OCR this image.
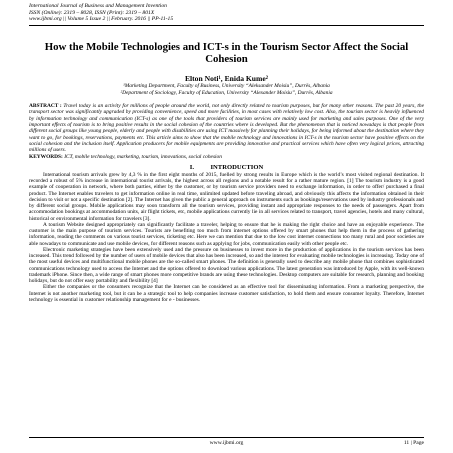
International Journal of Business and Management Invention
ISSN (Online): 2319 – 8028, ISSN (Print): 2319 – 801X
www.ijbmi.org || Volume 5 Issue 2 || February. 2016 || PP-11-15
How the Mobile Technologies and ICT-s in the Tourism Sector Affect the Social Cohesion
Elton Noti¹, Enida Kume²
¹Marketing Department, Faculty of Business, University “Aleksander Moisiu”, Durrës, Albania
²Department of Sociology, Faculty of Education, University “Alexander Moisiu”, Durrës, Albania
ABSTRACT : Travel today is an activity for millions of people around the world, not only directly related to tourism purposes, but for many other reasons. The past 20 years, the transport sector was significantly upgraded by providing convenience, speed and more facilities, in most cases with relatively low cost. Also, the tourism sector is heavily influenced by information technology and communication (ICT-s) as one of the tools that providers of tourism services are mainly used for marketing and sales purposes. One of the very important effects of tourism is to bring positive results in the social cohesion of the countries where is developed. But the phenomenon that is noticed nowadays is that people from different social groups like young people, elderly and people with disabilities are using ICT massively for planning their holidays, for being informed about the destination where they want to go, for bookings, reservations, payments etc. This article aims to show that the mobile technology and innovations in ICT-s in the tourism sector have positive effects on the social cohesion and the inclusion itself. Application producers for mobile equipments are providing innovative and practical services which have often very logical prices, attracting millions of users.
KEYWORDS: ICT, mobile technology, marketing, tourism, innovations, social cohesion
I.          INTRODUCTION

International tourism arrivals grew by 4,3 % in the first eight months of 2015, fuelled by strong results in Europe which is the world’s most visited regional destination. It recorded a robust of 5% increase in international tourist arrivals, the highest across all regions and a notable result for a rather mature region. [1] The tourism industry is a good example of cooperation in network, where both parties, either by the customer, or by tourism service providers need to exchange information, in order to offer/ purchased a final product. The Internet enables travelers to get information online in real time, unlimited updated before traveling abroad, and obviously this affects the information obtained in their decision to visit or not a specific destination [2]. The Internet has given the public a general approach on instruments such as bookings/reservations used by industry professionals and by different social groups. Mobile applications may soon transform all the tourism services, providing instant and appropriate responses to the needs of passengers. Apart from accommodation bookings at accommodation units, air flight tickets, etc, mobile applications currently lie in all services related to transport, travel agencies, hotels and many cultural, historical or environmental information for travelers [3].

A tourism Website designed appropriately can significantly facilitate a traveler, helping to ensure that he is making the right choice and have an enjoyable experience. The customer is the main purpose of tourism services. Tourists are benefiting too much from internet options offered by smart phones that help them in the process of gathering information, reading the comments on various tourist services, ticketing etc. Here we can mention that due to the low cost internet connections too many rural and poor societies are able nowadays to communicate and use mobile devices, for different reasons such as applying for jobs, communication easily with other people etc.

Electronic marketing strategies have been extensively used and the pressure on businesses to invest more in the production of applications in the tourism services has been increased. This trend followed by the number of users of mobile devices that also has been increased, so and the interest for evaluating mobile technologies is increasing. Today one of the most useful devices and multifunctional mobile phones are the so-called smart phones. The definition is generally used to describe any mobile phone that combines sophisticated communications technology used to access the Internet and the options offered to download various applications. The latest generation was introduced by Apple, with its well-known trademark iPhone. Since then, a wide range of smart phones more competitive brands are using these technologies. Desktop computers are suitable for research, planning and booking holidays, but do not offer easy portability and flexibility [4]

Either the companies or the consumers recognize that the Internet can be considered as an effective tool for disseminating information. From a marketing perspective, the Internet is not another marketing tool, but it can be a strategic tool to help companies increase customer satisfaction, to hold them and ensure consumer loyalty. Therefore, Internet technology is essential in customer relationship management for e - businesses.

www.ijbmi.org	11 | Page
